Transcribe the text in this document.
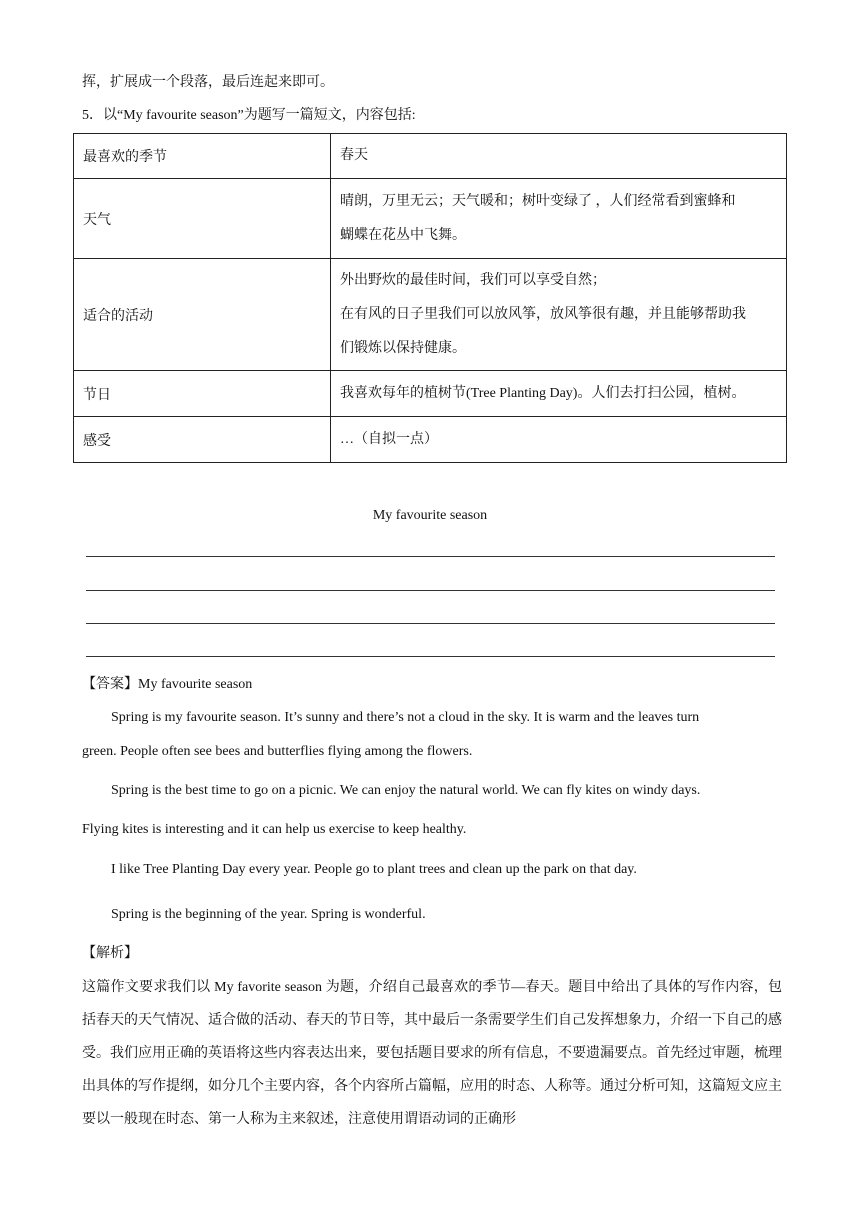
挥，扩展成一个段落，最后连起来即可。
5．以“My favourite season”为题写一篇短文，内容包括:
最喜欢的季节	春天

天气	晴朗，万里无云；天气暖和；树叶变绿了 ，人们经常看到蜜蜂和
蝴蝶在花丛中飞舞。

适合的活动	外出野炊的最佳时间，我们可以享受自然；
在有风的日子里我们可以放风筝，放风筝很有趣，并且能够帮助我
们锻炼以保持健康。

节日	我喜欢每年的植树节(Tree Planting Day)。人们去打扫公园，植树。

感受	…（自拟一点）
My favourite season
【答案】My favourite season
Spring is my favourite season. It’s sunny and there’s not a cloud in the sky. It is warm and the leaves turn
green. People often see bees and butterflies flying among the flowers.
Spring is the best time to go on a picnic. We can enjoy the natural world. We can fly kites on windy days.
Flying kites is interesting and it can help us exercise to keep healthy.
I like Tree Planting Day every year. People go to plant trees and clean up the park on that day.
Spring is the beginning of the year. Spring is wonderful.
【解析】
这篇作文要求我们以 My favorite season 为题，介绍自己最喜欢的季节—春天。题目中给出了具体的写作内容，包括春天的天气情况、适合做的活动、春天的节日等，其中最后一条需要学生们自己发挥想象力，介绍一下自己的感受。我们应用正确的英语将这些内容表达出来，要包括题目要求的所有信息，不要遗漏要点。首先经过审题，梳理出具体的写作提纲，如分几个主要内容，各个内容所占篇幅，应用的时态、人称等。通过分析可知，这篇短文应主要以一般现在时态、第一人称为主来叙述，注意使用谓语动词的正确形
